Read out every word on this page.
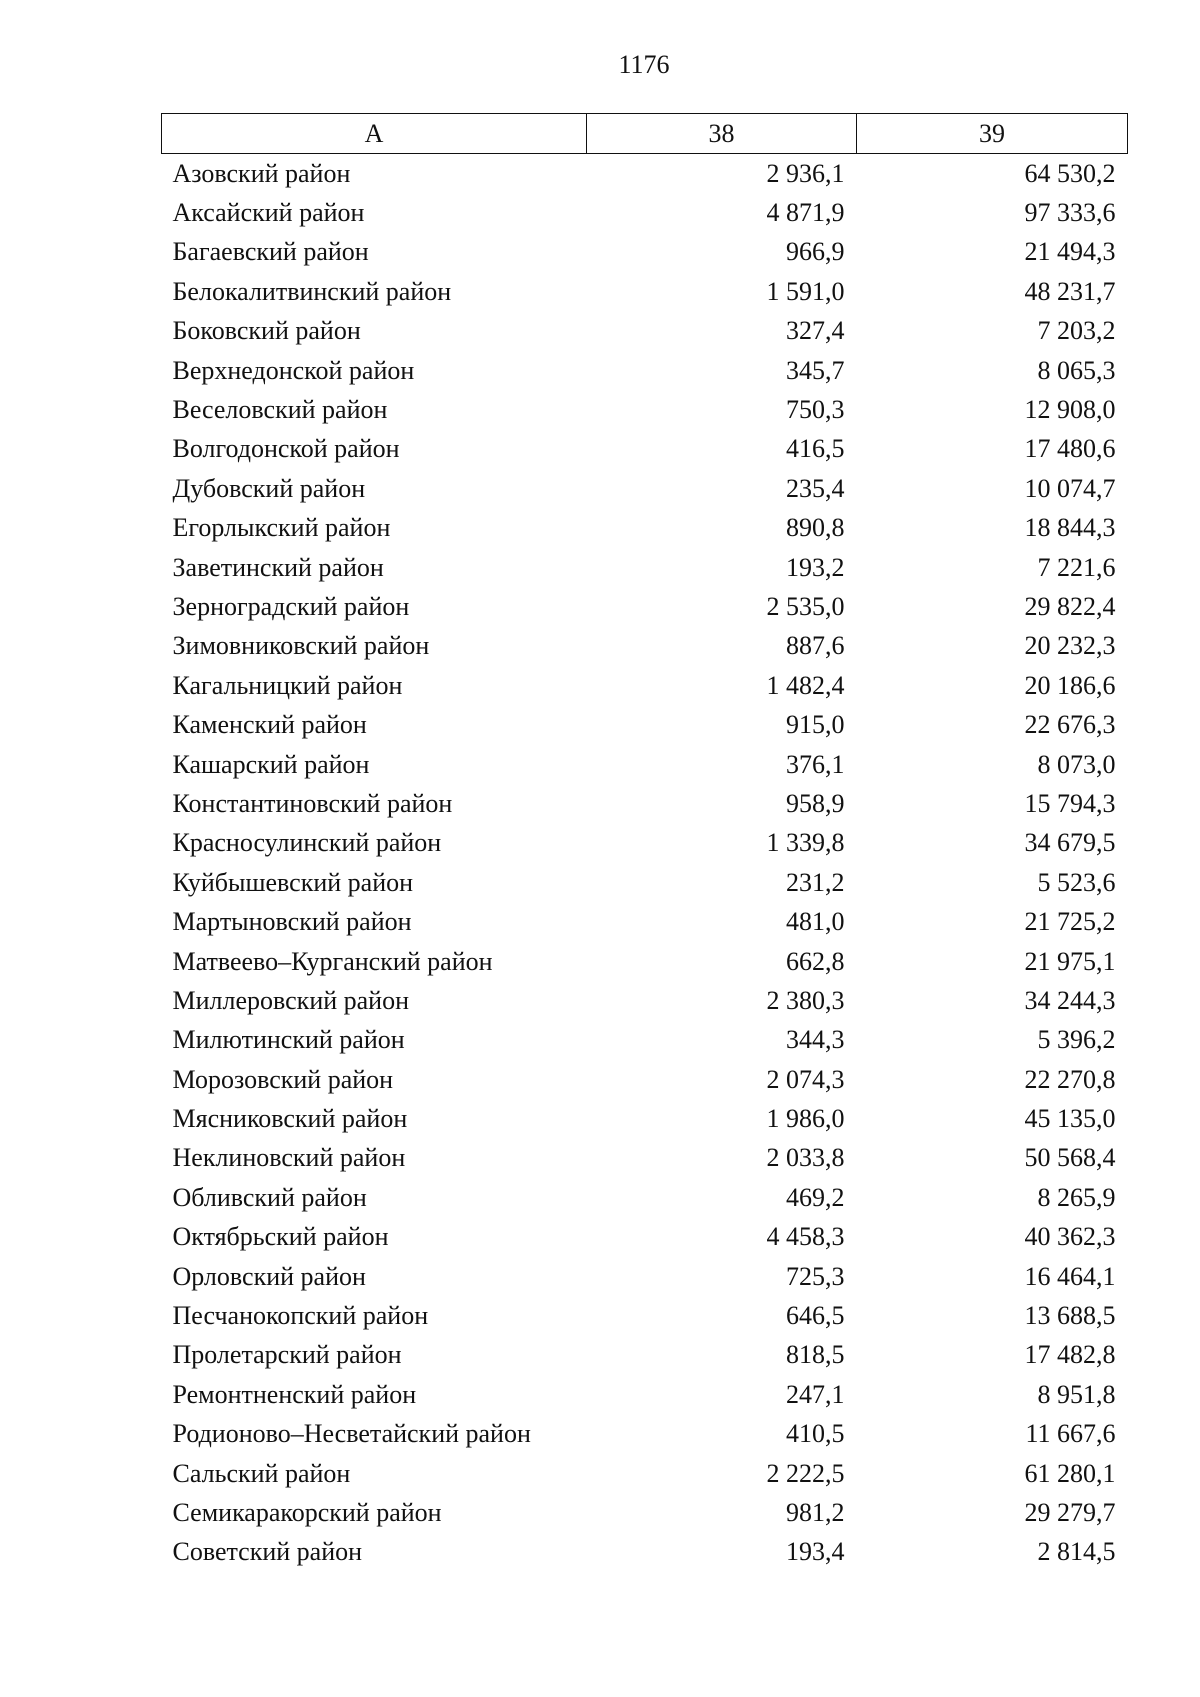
1176
А	38	39
Азовский район	2 936,1	64 530,2
Аксайский район	4 871,9	97 333,6
Багаевский район	966,9	21 494,3
Белокалитвинский район	1 591,0	48 231,7
Боковский район	327,4	7 203,2
Верхнедонской район	345,7	8 065,3
Веселовский район	750,3	12 908,0
Волгодонской район	416,5	17 480,6
Дубовский район	235,4	10 074,7
Егорлыкский район	890,8	18 844,3
Заветинский район	193,2	7 221,6
Зерноградский район	2 535,0	29 822,4
Зимовниковский район	887,6	20 232,3
Кагальницкий район	1 482,4	20 186,6
Каменский район	915,0	22 676,3
Кашарский район	376,1	8 073,0
Константиновский район	958,9	15 794,3
Красносулинский район	1 339,8	34 679,5
Куйбышевский район	231,2	5 523,6
Мартыновский район	481,0	21 725,2
Матвеево–Курганский район	662,8	21 975,1
Миллеровский район	2 380,3	34 244,3
Милютинский район	344,3	5 396,2
Морозовский район	2 074,3	22 270,8
Мясниковский район	1 986,0	45 135,0
Неклиновский район	2 033,8	50 568,4
Обливский район	469,2	8 265,9
Октябрьский район	4 458,3	40 362,3
Орловский район	725,3	16 464,1
Песчанокопский район	646,5	13 688,5
Пролетарский район	818,5	17 482,8
Ремонтненский район	247,1	8 951,8
Родионово–Несветайский район	410,5	11 667,6
Сальский район	2 222,5	61 280,1
Семикаракорский район	981,2	29 279,7
Советский район	193,4	2 814,5
